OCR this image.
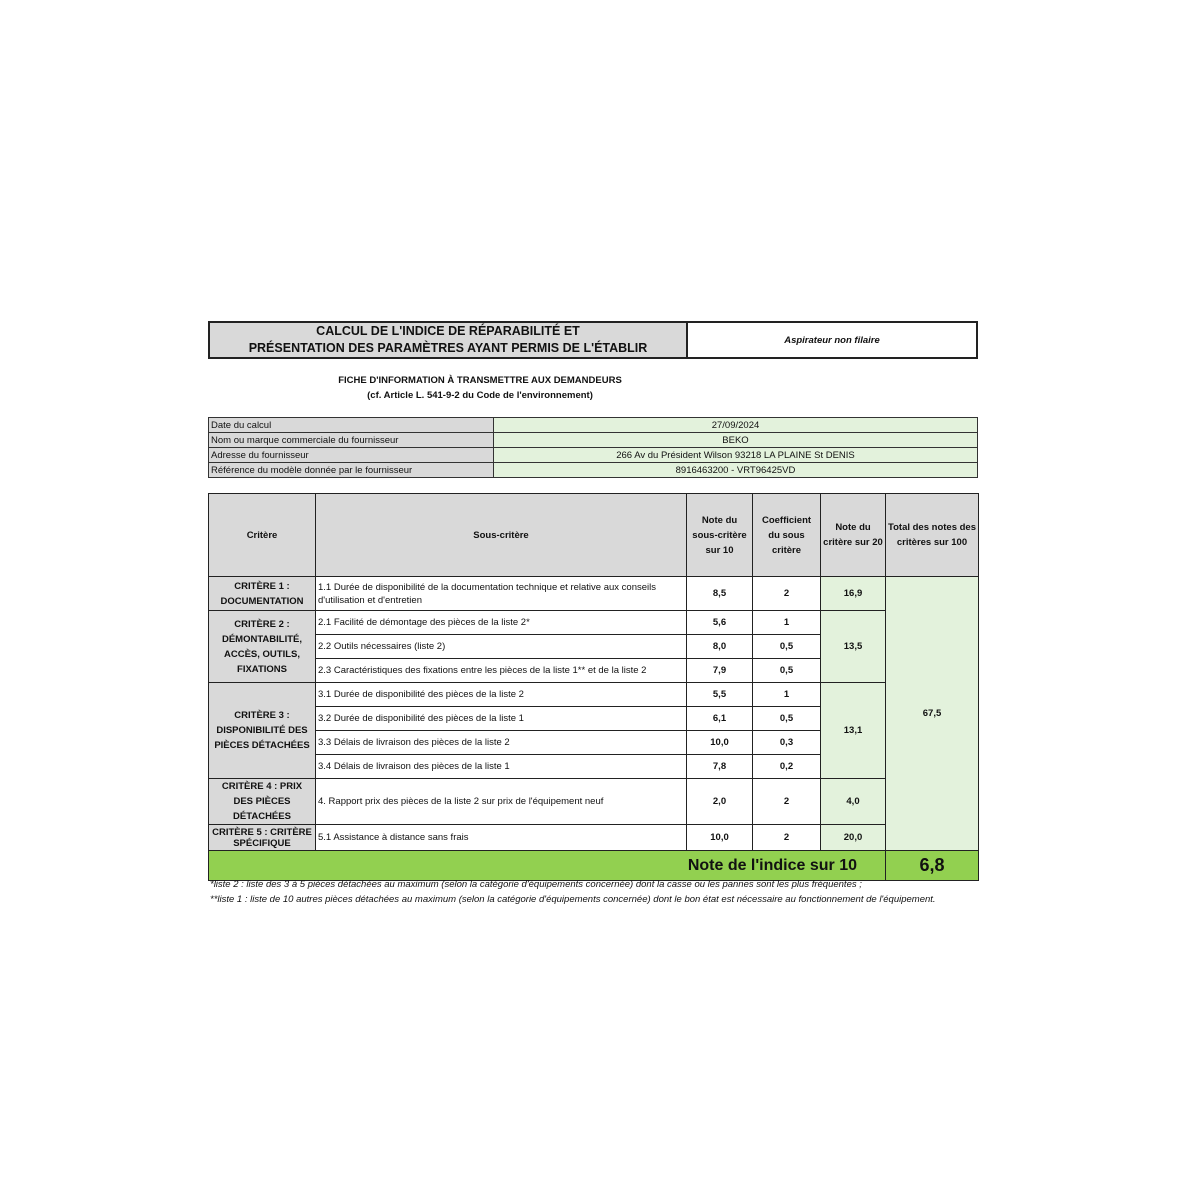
CALCUL DE L'INDICE DE RÉPARABILITÉ ET
PRÉSENTATION DES PARAMÈTRES AYANT PERMIS DE L'ÉTABLIR
Aspirateur non filaire
FICHE D'INFORMATION À TRANSMETTRE AUX DEMANDEURS
(cf. Article L. 541-9-2 du Code de l'environnement)
Date du calcul	27/09/2024
Nom ou marque commerciale du fournisseur	BEKO
Adresse du fournisseur	266 Av du Président Wilson 93218 LA PLAINE St DENIS
Référence du modèle donnée par le fournisseur	8916463200 - VRT96425VD
Critère	Sous-critère	Note du sous-critère sur 10	Coefficient du sous critère	Note du critère sur 20	Total des notes des critères sur 100
CRITÈRE 1 : DOCUMENTATION	1.1 Durée de disponibilité de la documentation technique et relative aux conseils d'utilisation et d'entretien	8,5	2	16,9	67,5
CRITÈRE 2 : DÉMONTABILITÉ, ACCÈS, OUTILS, FIXATIONS	2.1 Facilité de démontage des pièces de la liste 2*	5,6	1	13,5	
	2.2 Outils nécessaires (liste 2)	8,0	0,5		
	2.3 Caractéristiques des fixations entre les pièces de la liste 1** et de la liste 2	7,9	0,5		
CRITÈRE 3 : DISPONIBILITÉ DES PIÈCES DÉTACHÉES	3.1 Durée de disponibilité des pièces de la liste 2	5,5	1	13,1	
	3.2 Durée de disponibilité des pièces de la liste 1	6,1	0,5		
	3.3 Délais de livraison des pièces de la liste 2	10,0	0,3		
	3.4 Délais de livraison des pièces de la liste 1	7,8	0,2		
CRITÈRE 4 : PRIX DES PIÈCES DÉTACHÉES	4. Rapport prix des pièces de la liste 2 sur prix de l'équipement neuf	2,0	2	4,0	
CRITÈRE 5 : CRITÈRE SPÉCIFIQUE	5.1 Assistance à distance sans frais	10,0	2	20,0	
Note de l'indice sur 10					6,8
*liste 2 : liste des 3 à 5 pièces détachées au maximum (selon la catégorie d'équipements concernée) dont la casse ou les pannes sont les plus fréquentes ;
**liste 1 : liste de 10 autres pièces détachées au maximum (selon la catégorie d'équipements concernée) dont le bon état est nécessaire au fonctionnement de l'équipement.
